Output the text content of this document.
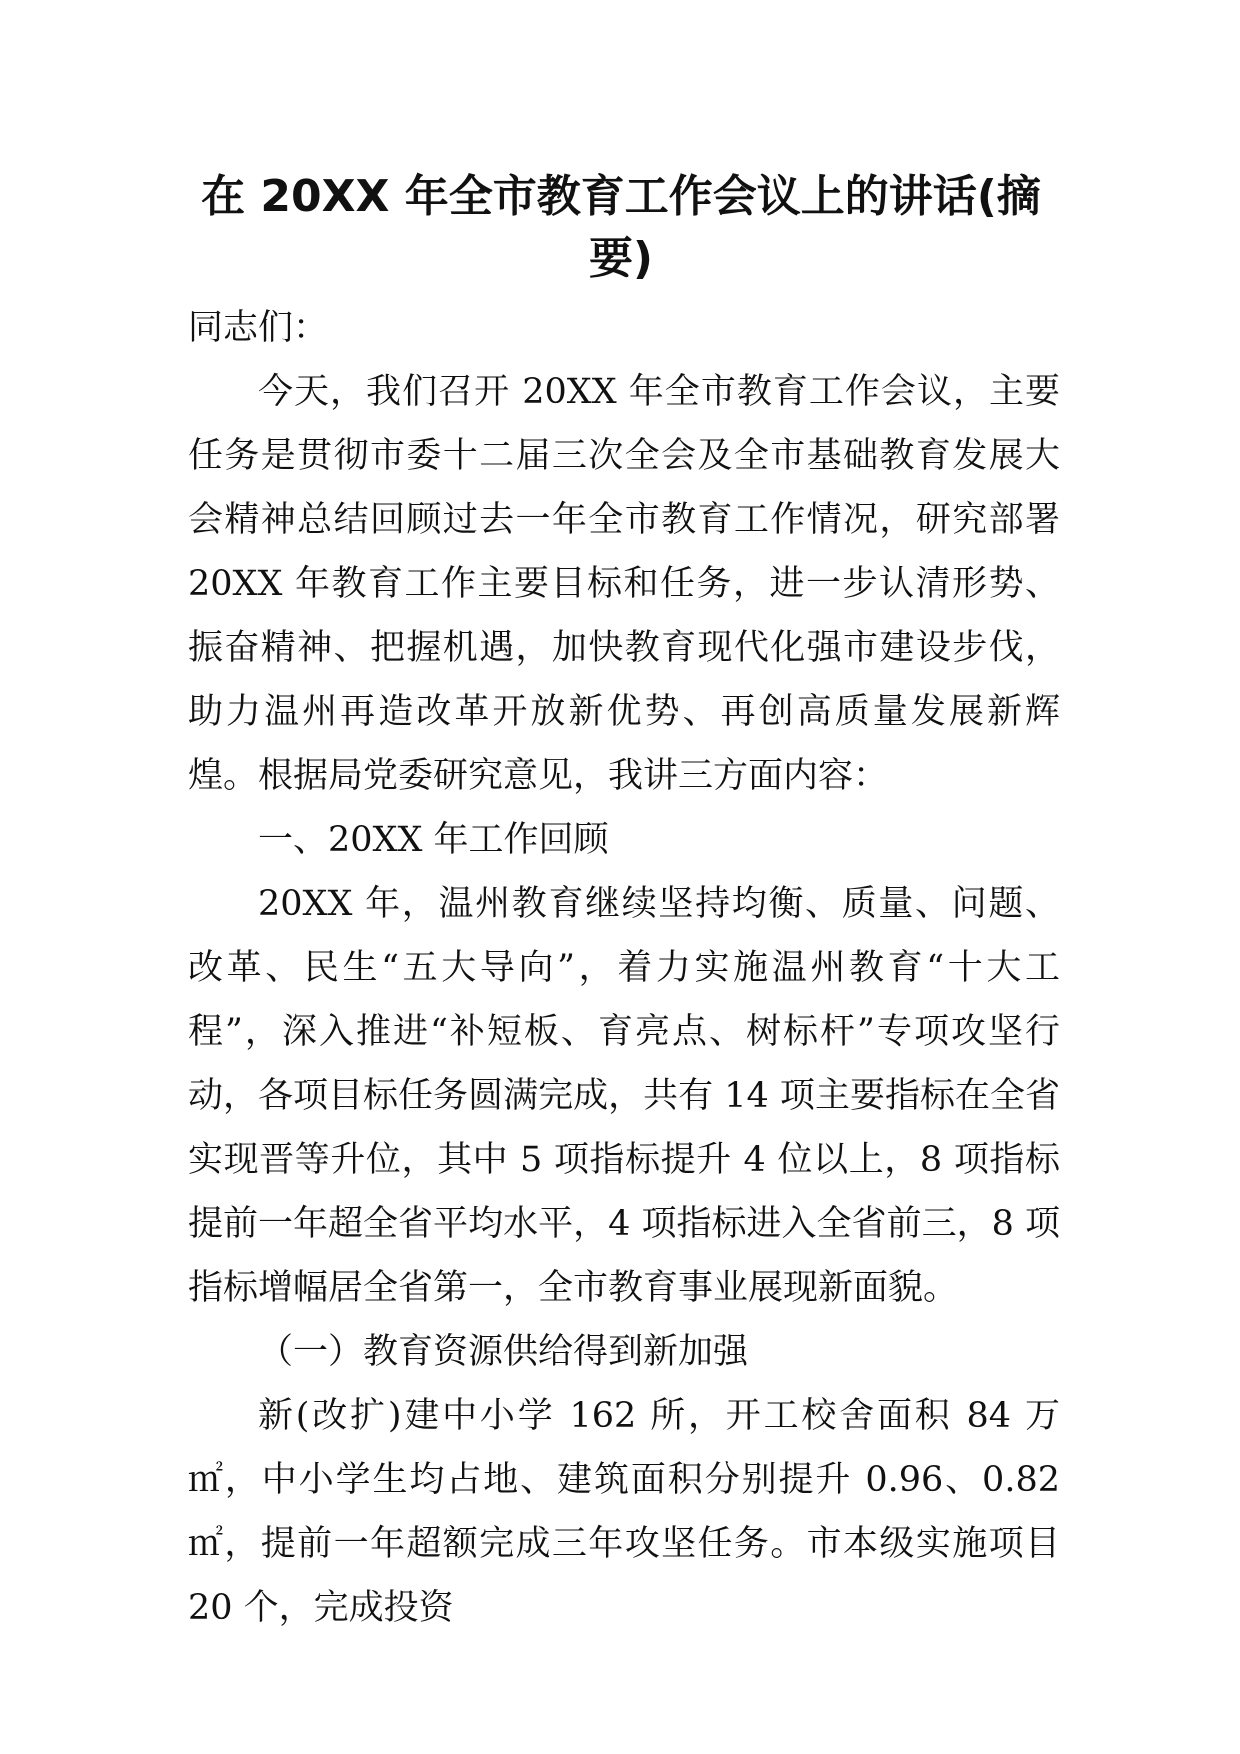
在 20XX 年全市教育工作会议上的讲话(摘要)

同志们：

今天，我们召开 20XX 年全市教育工作会议，主要任务是贯彻市委十二届三次全会及全市基础教育发展大会精神总结回顾过去一年全市教育工作情况，研究部署 20XX 年教育工作主要目标和任务，进一步认清形势、振奋精神、把握机遇，加快教育现代化强市建设步伐，助力温州再造改革开放新优势、再创高质量发展新辉煌。根据局党委研究意见，我讲三方面内容：

一、20XX 年工作回顾

20XX 年，温州教育继续坚持均衡、质量、问题、改革、民生“五大导向”，着力实施温州教育“十大工程”，深入推进“补短板、育亮点、树标杆”专项攻坚行动，各项目标任务圆满完成，共有 14 项主要指标在全省实现晋等升位，其中 5 项指标提升 4 位以上，8 项指标提前一年超全省平均水平，4 项指标进入全省前三，8 项指标增幅居全省第一，全市教育事业展现新面貌。

（一）教育资源供给得到新加强

新(改扩)建中小学 162 所，开工校舍面积 84 万㎡，中小学生均占地、建筑面积分别提升 0.96、0.82㎡，提前一年超额完成三年攻坚任务。市本级实施项目 20 个，完成投资
